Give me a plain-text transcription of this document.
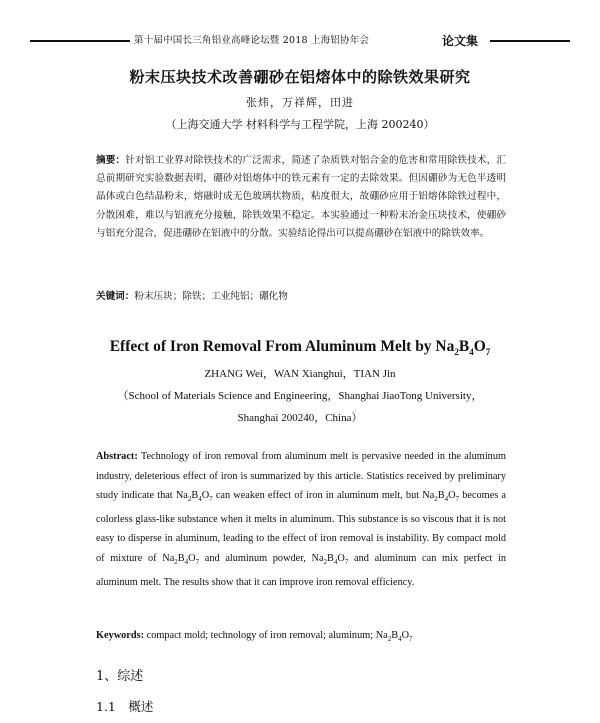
第十届中国长三角铝业高峰论坛暨 2018 上海铝协年会	论文集
粉末压块技术改善硼砂在铝熔体中的除铁效果研究
张炜，万祥辉，田进
（上海交通大学 材料科学与工程学院，上海 200240）
摘要：针对铝工业界对除铁技术的广泛需求，简述了杂质铁对铝合金的危害和常用除铁技术，汇总前期研究实验数据表明，硼砂对铝熔体中的铁元素有一定的去除效果。但因硼砂为无色半透明晶体或白色结晶粉末，熔融时成无色玻璃状物质，粘度很大，故硼砂应用于铝熔体除铁过程中，分散困难，难以与铝液充分接触，除铁效果不稳定。本实验通过一种粉末冶金压块技术，使硼砂与铝充分混合，促进硼砂在铝液中的分散。实验结论得出可以提高硼砂在铝液中的除铁效率。
关键词：粉末压块；除铁；工业纯铝；硼化物
Effect of Iron Removal From Aluminum Melt by $Na_2B_4O_7$
ZHANG Wei，WAN Xianghui，TIAN Jin
（School of Materials Science and Engineering，Shanghai JiaoTong University，
Shanghai 200240，China）
Abstract: Technology of iron removal from aluminum melt is pervasive needed in the aluminum industry, deleterious effect of iron is summarized by this article. Statistics received by preliminary study indicate that $Na_2B_4O_7$ can weaken effect of iron in aluminum melt, but $Na_2B_4O_7$ becomes a colorless glass-like substance when it melts in aluminum. This substance is so viscous that it is not easy to disperse in aluminum, leading to the effect of iron removal is instability. By compact mold of mixture of $Na_2B_4O_7$ and aluminum powder, $Na_2B_4O_7$ and aluminum can mix perfect in aluminum melt. The results show that it can improve iron removal efficiency.
Keywords: compact mold; technology of iron removal; aluminum; $Na_2B_4O_7$
1、综述
1.1　概述
